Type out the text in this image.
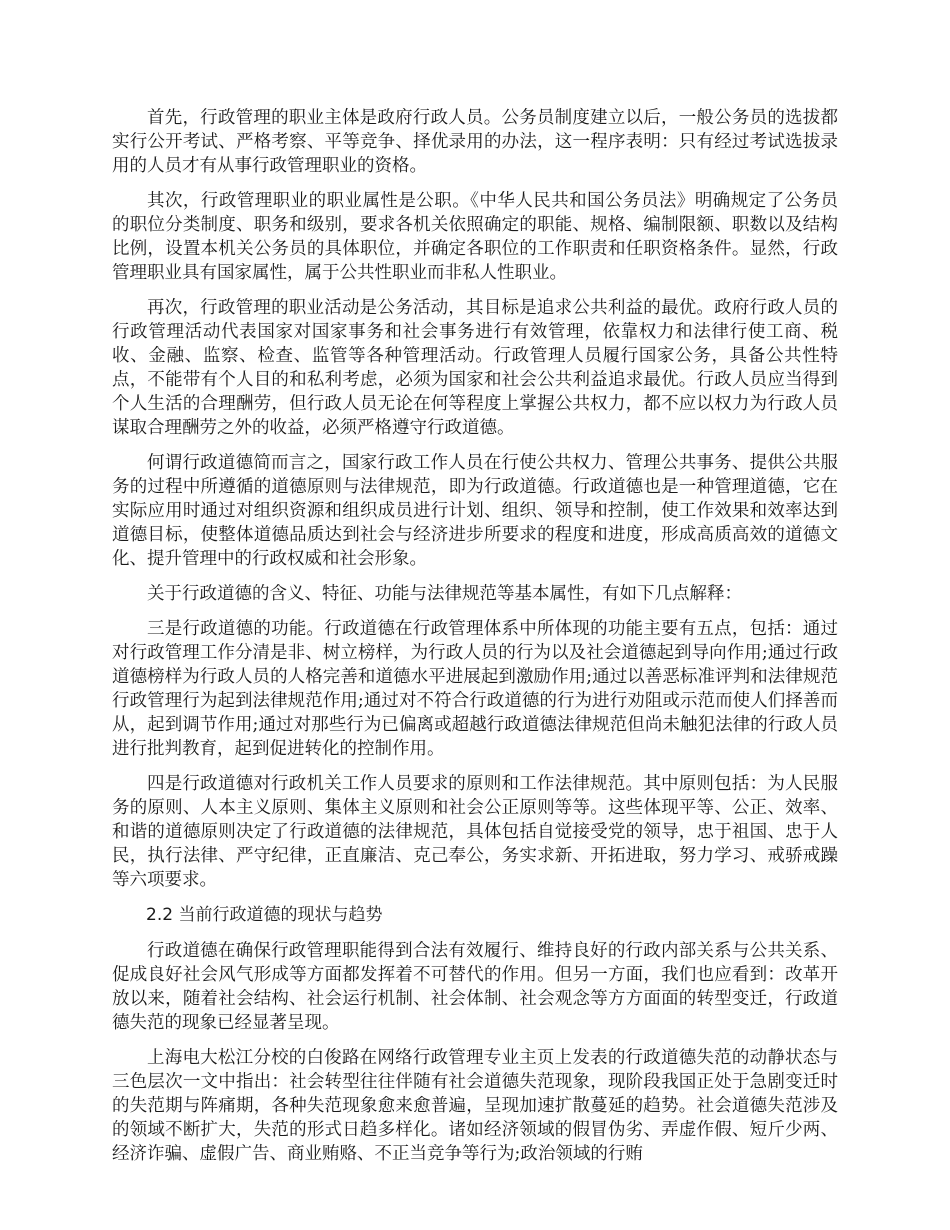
首先，行政管理的职业主体是政府行政人员。公务员制度建立以后，一般公务员的选拔都实行公开考试、严格考察、平等竞争、择优录用的办法，这一程序表明：只有经过考试选拔录用的人员才有从事行政管理职业的资格。

其次，行政管理职业的职业属性是公职。《中华人民共和国公务员法》明确规定了公务员的职位分类制度、职务和级别，要求各机关依照确定的职能、规格、编制限额、职数以及结构比例，设置本机关公务员的具体职位，并确定各职位的工作职责和任职资格条件。显然，行政管理职业具有国家属性，属于公共性职业而非私人性职业。

再次，行政管理的职业活动是公务活动，其目标是追求公共利益的最优。政府行政人员的行政管理活动代表国家对国家事务和社会事务进行有效管理，依靠权力和法律行使工商、税收、金融、监察、检查、监管等各种管理活动。行政管理人员履行国家公务，具备公共性特点，不能带有个人目的和私利考虑，必须为国家和社会公共利益追求最优。行政人员应当得到个人生活的合理酬劳，但行政人员无论在何等程度上掌握公共权力，都不应以权力为行政人员谋取合理酬劳之外的收益，必须严格遵守行政道德。

何谓行政道德简而言之，国家行政工作人员在行使公共权力、管理公共事务、提供公共服务的过程中所遵循的道德原则与法律规范，即为行政道德。行政道德也是一种管理道德，它在实际应用时通过对组织资源和组织成员进行计划、组织、领导和控制，使工作效果和效率达到道德目标，使整体道德品质达到社会与经济进步所要求的程度和进度，形成高质高效的道德文化、提升管理中的行政权威和社会形象。

关于行政道德的含义、特征、功能与法律规范等基本属性，有如下几点解释：

三是行政道德的功能。行政道德在行政管理体系中所体现的功能主要有五点，包括：通过对行政管理工作分清是非、树立榜样，为行政人员的行为以及社会道德起到导向作用;通过行政道德榜样为行政人员的人格完善和道德水平进展起到激励作用;通过以善恶标准评判和法律规范行政管理行为起到法律规范作用;通过对不符合行政道德的行为进行劝阻或示范而使人们择善而从，起到调节作用;通过对那些行为已偏离或超越行政道德法律规范但尚未触犯法律的行政人员进行批判教育，起到促进转化的控制作用。

四是行政道德对行政机关工作人员要求的原则和工作法律规范。其中原则包括：为人民服务的原则、人本主义原则、集体主义原则和社会公正原则等等。这些体现平等、公正、效率、和谐的道德原则决定了行政道德的法律规范，具体包括自觉接受党的领导，忠于祖国、忠于人民，执行法律、严守纪律，正直廉洁、克己奉公，务实求新、开拓进取，努力学习、戒骄戒躁等六项要求。

2.2 当前行政道德的现状与趋势

行政道德在确保行政管理职能得到合法有效履行、维持良好的行政内部关系与公共关系、促成良好社会风气形成等方面都发挥着不可替代的作用。但另一方面，我们也应看到：改革开放以来，随着社会结构、社会运行机制、社会体制、社会观念等方方面面的转型变迁，行政道德失范的现象已经显著呈现。

上海电大松江分校的白俊路在网络行政管理专业主页上发表的行政道德失范的动静状态与三色层次一文中指出：社会转型往往伴随有社会道德失范现象，现阶段我国正处于急剧变迁时的失范期与阵痛期，各种失范现象愈来愈普遍，呈现加速扩散蔓延的趋势。社会道德失范涉及的领域不断扩大，失范的形式日趋多样化。诸如经济领域的假冒伪劣、弄虚作假、短斤少两、经济诈骗、虚假广告、商业贿赂、不正当竞争等行为;政治领域的行贿
